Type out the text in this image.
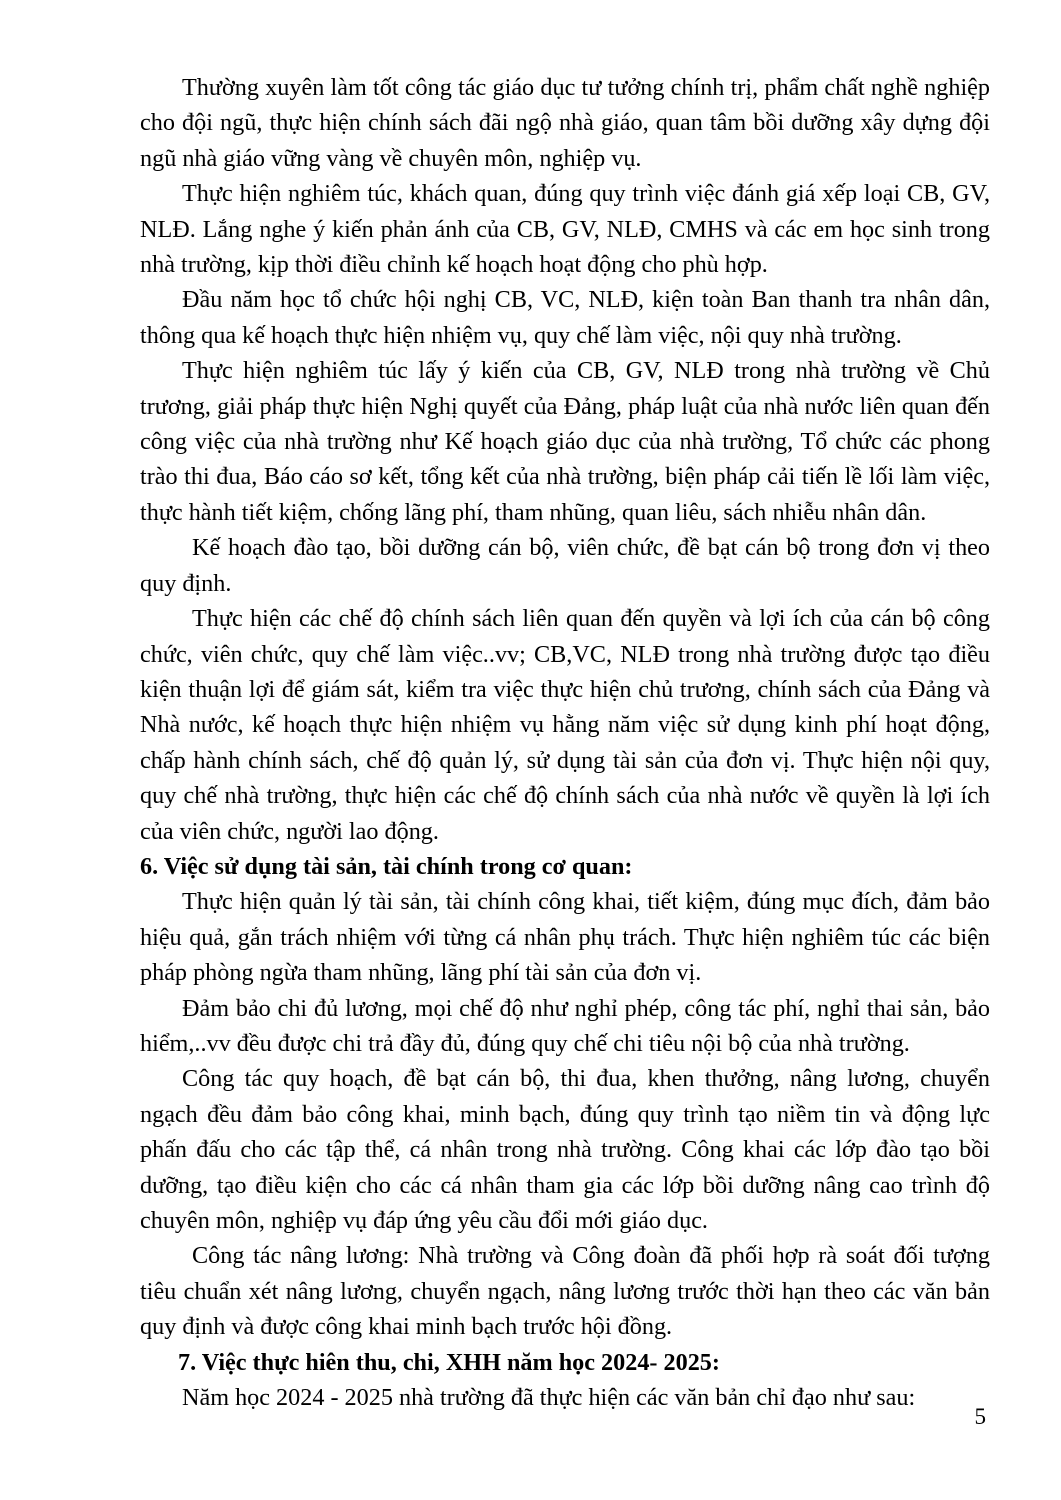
Thường xuyên làm tốt công tác giáo dục tư tưởng chính trị, phẩm chất nghề nghiệp cho đội ngũ, thực hiện chính sách đãi ngộ nhà giáo, quan tâm bồi dưỡng xây dựng đội ngũ nhà giáo vững vàng về chuyên môn, nghiệp vụ.

Thực hiện nghiêm túc, khách quan, đúng quy trình việc đánh giá xếp loại CB, GV, NLĐ. Lắng nghe ý kiến phản ánh của CB, GV, NLĐ, CMHS và các em học sinh trong nhà trường, kịp thời điều chỉnh kế hoạch hoạt động cho phù hợp.

Đầu năm học tổ chức hội nghị CB, VC, NLĐ, kiện toàn Ban thanh tra nhân dân, thông qua kế hoạch thực hiện nhiệm vụ, quy chế làm việc, nội quy nhà trường.

Thực hiện nghiêm túc lấy ý kiến của CB, GV, NLĐ trong nhà trường về Chủ trương, giải pháp thực hiện Nghị quyết của Đảng, pháp luật của nhà nước liên quan đến công việc của nhà trường như Kế hoạch giáo dục của nhà trường, Tổ chức các phong trào thi đua, Báo cáo sơ kết, tổng kết của nhà trường, biện pháp cải tiến lề lối làm việc, thực hành tiết kiệm, chống lãng phí, tham nhũng, quan liêu, sách nhiễu nhân dân.

Kế hoạch đào tạo, bồi dưỡng cán bộ, viên chức, đề bạt cán bộ trong đơn vị theo quy định.

Thực hiện các chế độ chính sách liên quan đến quyền và lợi ích của cán bộ công chức, viên chức, quy chế làm việc..vv; CB,VC, NLĐ trong nhà trường được tạo điều kiện thuận lợi để giám sát, kiểm tra việc thực hiện chủ trương, chính sách của Đảng và Nhà nước, kế hoạch thực hiện nhiệm vụ hằng năm việc sử dụng kinh phí hoạt động, chấp hành chính sách, chế độ quản lý, sử dụng tài sản của đơn vị. Thực hiện nội quy, quy chế nhà trường, thực hiện các chế độ chính sách của nhà nước về quyền là lợi ích của viên chức, người lao động.

6. Việc sử dụng tài sản, tài chính trong cơ quan:

Thực hiện quản lý tài sản, tài chính công khai, tiết kiệm, đúng mục đích, đảm bảo hiệu quả, gắn trách nhiệm với từng cá nhân phụ trách. Thực hiện nghiêm túc các biện pháp phòng ngừa tham nhũng, lãng phí tài sản của đơn vị.

Đảm bảo chi đủ lương, mọi chế độ như nghỉ phép, công tác phí, nghỉ thai sản, bảo hiểm,..vv đều được chi trả đầy đủ, đúng quy chế chi tiêu nội bộ của nhà trường.

Công tác quy hoạch, đề bạt cán bộ, thi đua, khen thưởng, nâng lương, chuyển ngạch đều đảm bảo công khai, minh bạch, đúng quy trình tạo niềm tin và động lực phấn đấu cho các tập thể, cá nhân trong nhà trường. Công khai các lớp đào tạo bồi dưỡng, tạo điều kiện cho các cá nhân tham gia các lớp bồi dưỡng nâng cao trình độ chuyên môn, nghiệp vụ đáp ứng yêu cầu đổi mới giáo dục.

Công tác nâng lương: Nhà trường và Công đoàn đã phối hợp rà soát đối tượng tiêu chuẩn xét nâng lương, chuyển ngạch, nâng lương trước thời hạn theo các văn bản quy định và được công khai minh bạch trước hội đồng.

7. Việc thực hiên thu, chi, XHH năm học 2024- 2025:

Năm học 2024 - 2025 nhà trường đã thực hiện các văn bản chỉ đạo như sau:

5
